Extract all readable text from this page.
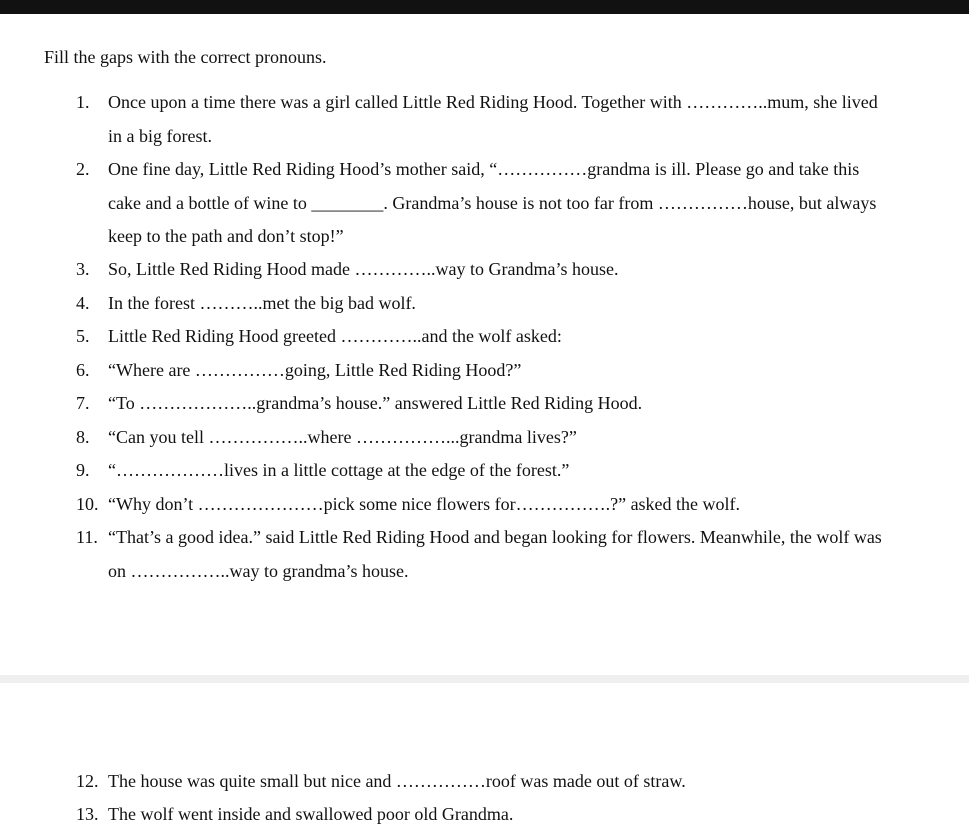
Fill the gaps with the correct pronouns.

1.	Once upon a time there was a girl called Little Red Riding Hood. Together with …………..mum, she lived in a big forest.
2.	One fine day, Little Red Riding Hood’s mother said, “……………grandma is ill. Please go and take this cake and a bottle of wine to ________. Grandma’s house is not too far from ……………house, but always keep to the path and don’t stop!”
3.	So, Little Red Riding Hood made …………..way to Grandma’s house.
4.	In the forest ………..met the big bad wolf.
5.	Little Red Riding Hood greeted …………..and the wolf asked:
6.	“Where are ……………going, Little Red Riding Hood?”
7.	“To ………………..grandma’s house.” answered Little Red Riding Hood.
8.	“Can you tell ……………..where ……………...grandma lives?”
9.	“………………lives in a little cottage at the edge of the forest.”
10. “Why don’t …………………pick some nice flowers for…………….?” asked the wolf.
11. “That’s a good idea.” said Little Red Riding Hood and began looking for flowers. Meanwhile, the wolf was on ……………..way to grandma’s house.
12. The house was quite small but nice and ……………roof was made out of straw.
13. The wolf went inside and swallowed poor old Grandma.
